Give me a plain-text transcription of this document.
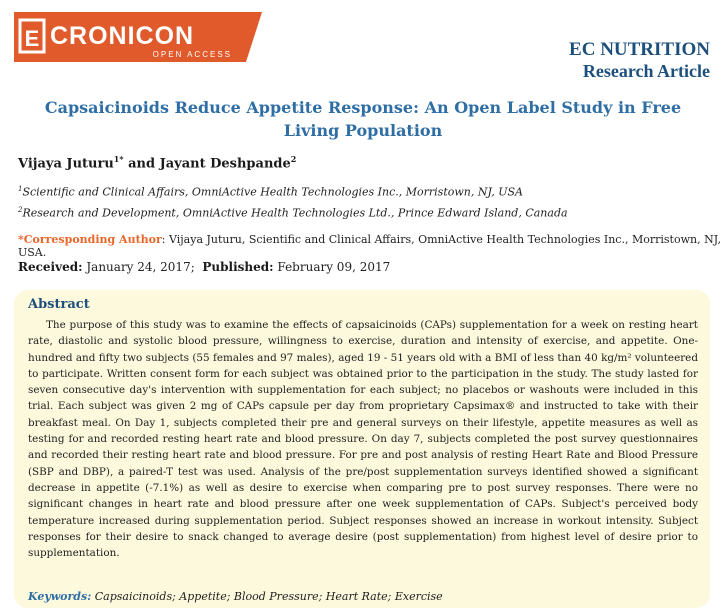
E CRONICON
OPEN ACCESS	EC NUTRITION
Research Article
Capsaicinoids Reduce Appetite Response: An Open Label Study in Free Living Population
Vijaya Juturu$^{1*}$ and Jayant Deshpande$^2$
$^1$Scientific and Clinical Affairs, OmniActive Health Technologies Inc., Morristown, NJ, USA
$^2$Research and Development, OmniActive Health Technologies Ltd., Prince Edward Island, Canada
*Corresponding Author: Vijaya Juturu, Scientific and Clinical Affairs, OmniActive Health Technologies Inc., Morristown, NJ, USA.
Received: January 24, 2017; Published: February 09, 2017
Abstract

The purpose of this study was to examine the effects of capsaicinoids (CAPs) supplementation for a week on resting heart rate, diastolic and systolic blood pressure, willingness to exercise, duration and intensity of exercise, and appetite. One-hundred and fifty two subjects (55 females and 97 males), aged 19 - 51 years old with a BMI of less than 40 kg/m² volunteered to participate. Written consent form for each subject was obtained prior to the participation in the study. The study lasted for seven consecutive day's intervention with supplementation for each subject; no placebos or washouts were included in this trial. Each subject was given 2 mg of CAPs capsule per day from proprietary Capsimax® and instructed to take with their breakfast meal. On Day 1, subjects completed their pre and general surveys on their lifestyle, appetite measures as well as testing for and recorded resting heart rate and blood pressure. On day 7, subjects completed the post survey questionnaires and recorded their resting heart rate and blood pressure. For pre and post analysis of resting Heart Rate and Blood Pressure (SBP and DBP), a paired-T test was used. Analysis of the pre/post supplementation surveys identified showed a significant decrease in appetite (-7.1%) as well as desire to exercise when comparing pre to post survey responses. There were no significant changes in heart rate and blood pressure after one week supplementation of CAPs. Subject's perceived body temperature increased during supplementation period. Subject responses showed an increase in workout intensity. Subject responses for their desire to snack changed to average desire (post supplementation) from highest level of desire prior to supplementation.

Keywords: Capsaicinoids; Appetite; Blood Pressure; Heart Rate; Exercise
